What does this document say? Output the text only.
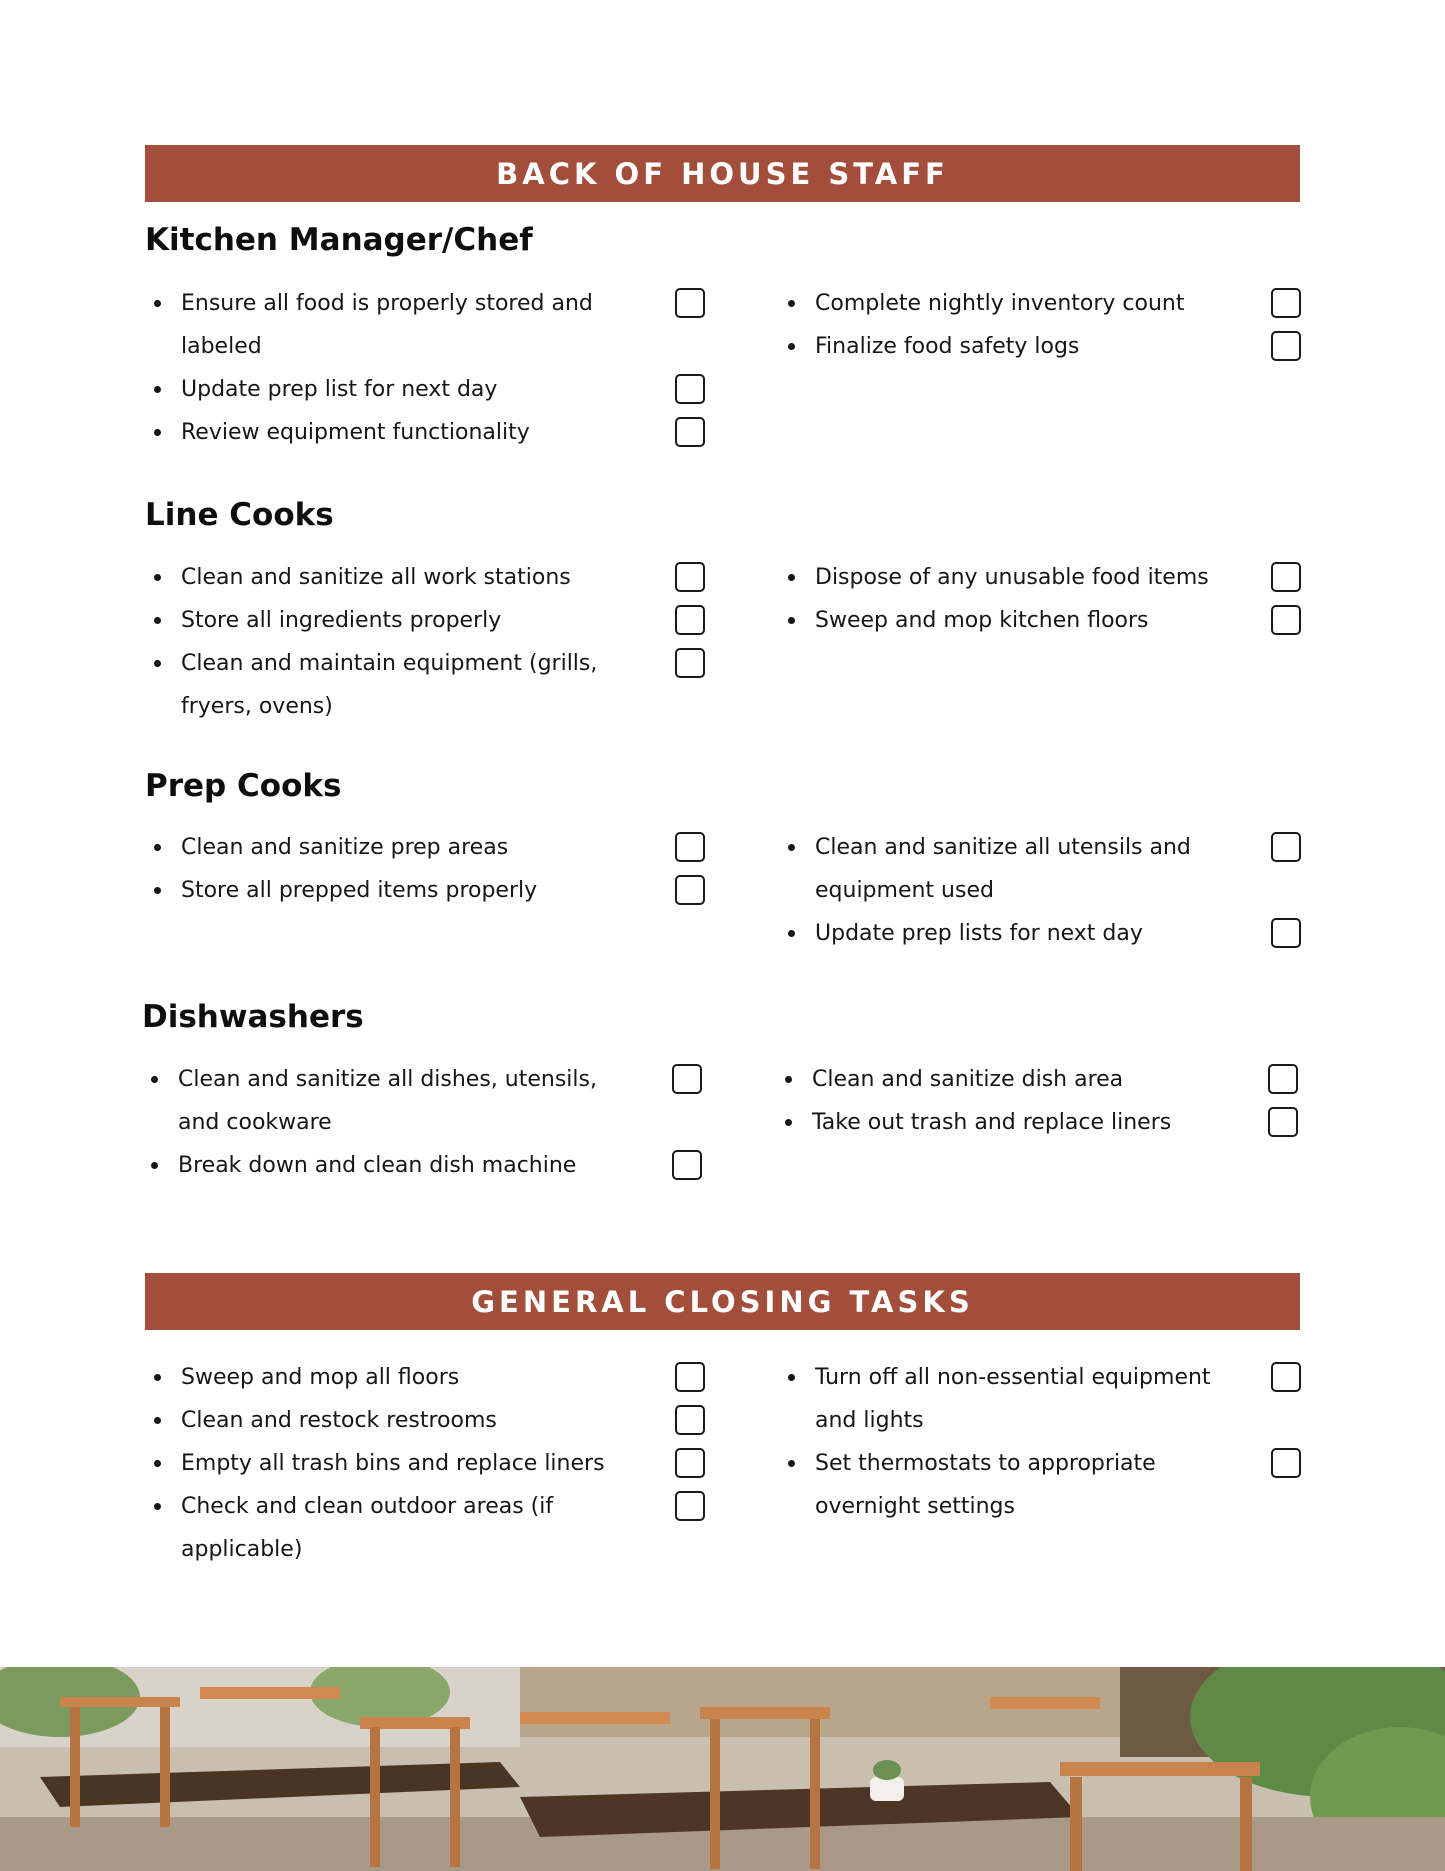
BACK OF HOUSE STAFF
Kitchen Manager/Chef
Ensure all food is properly stored and labeled
Update prep list for next day
Review equipment functionality
Complete nightly inventory count
Finalize food safety logs
Line Cooks
Clean and sanitize all work stations
Store all ingredients properly
Clean and maintain equipment (grills, fryers, ovens)
Dispose of any unusable food items
Sweep and mop kitchen floors
Prep Cooks
Clean and sanitize prep areas
Store all prepped items properly
Clean and sanitize all utensils and equipment used
Update prep lists for next day
Dishwashers
Clean and sanitize all dishes, utensils, and cookware
Break down and clean dish machine
Clean and sanitize dish area
Take out trash and replace liners
GENERAL CLOSING TASKS
Sweep and mop all floors
Clean and restock restrooms
Empty all trash bins and replace liners
Check and clean outdoor areas (if applicable)
Turn off all non-essential equipment and lights
Set thermostats to appropriate overnight settings
